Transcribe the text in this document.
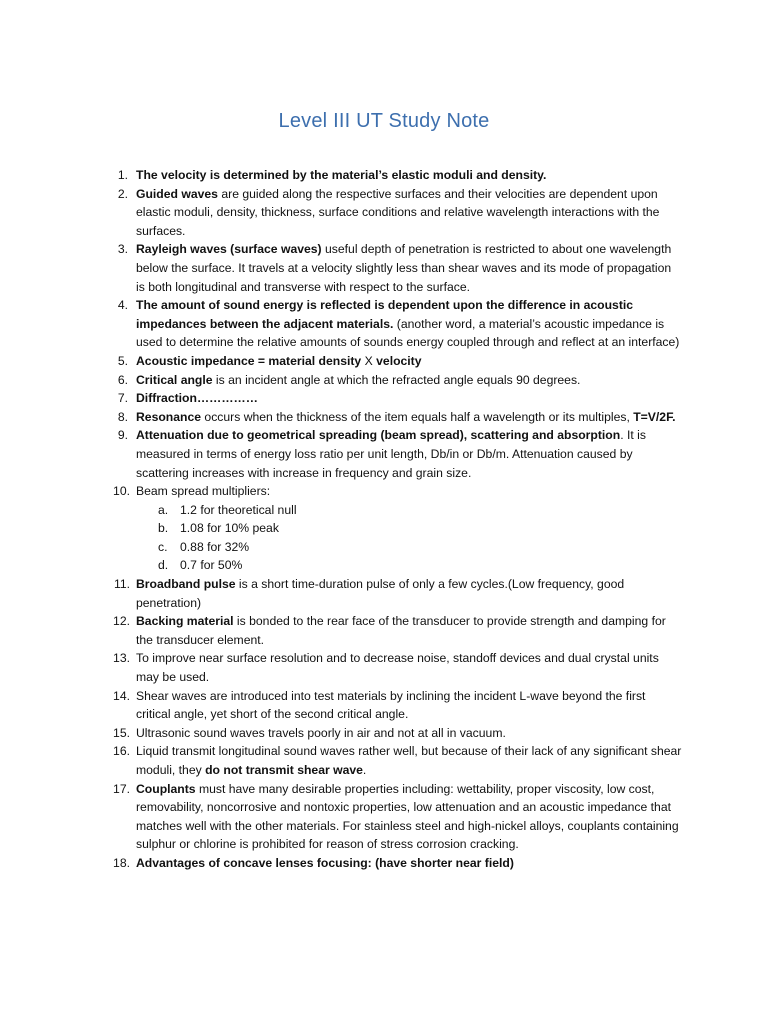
Level III UT Study Note
1. The velocity is determined by the material’s elastic moduli and density.
2. Guided waves are guided along the respective surfaces and their velocities are dependent upon elastic moduli, density, thickness, surface conditions and relative wavelength interactions with the surfaces.
3. Rayleigh waves (surface waves) useful depth of penetration is restricted to about one wavelength below the surface. It travels at a velocity slightly less than shear waves and its mode of propagation is both longitudinal and transverse with respect to the surface.
4. The amount of sound energy is reflected is dependent upon the difference in acoustic impedances between the adjacent materials. (another word, a material’s acoustic impedance is used to determine the relative amounts of sounds energy coupled through and reflect at an interface)
5. Acoustic impedance = material density X velocity
6. Critical angle is an incident angle at which the refracted angle equals 90 degrees.
7. Diffraction……………
8. Resonance occurs when the thickness of the item equals half a wavelength or its multiples, T=V/2F.
9. Attenuation due to geometrical spreading (beam spread), scattering and absorption. It is measured in terms of energy loss ratio per unit length, Db/in or Db/m. Attenuation caused by scattering increases with increase in frequency and grain size.
10. Beam spread multipliers:
a. 1.2 for theoretical null
b. 1.08 for 10% peak
c. 0.88 for 32%
d. 0.7 for 50%
11. Broadband pulse is a short time-duration pulse of only a few cycles.(Low frequency, good penetration)
12. Backing material is bonded to the rear face of the transducer to provide strength and damping for the transducer element.
13. To improve near surface resolution and to decrease noise, standoff devices and dual crystal units may be used.
14. Shear waves are introduced into test materials by inclining the incident L-wave beyond the first critical angle, yet short of the second critical angle.
15. Ultrasonic sound waves travels poorly in air and not at all in vacuum.
16. Liquid transmit longitudinal sound waves rather well, but because of their lack of any significant shear moduli, they do not transmit shear wave.
17. Couplants must have many desirable properties including: wettability, proper viscosity, low cost, removability, noncorrosive and nontoxic properties, low attenuation and an acoustic impedance that matches well with the other materials. For stainless steel and high-nickel alloys, couplants containing sulphur or chlorine is prohibited for reason of stress corrosion cracking.
18. Advantages of concave lenses focusing: (have shorter near field)
